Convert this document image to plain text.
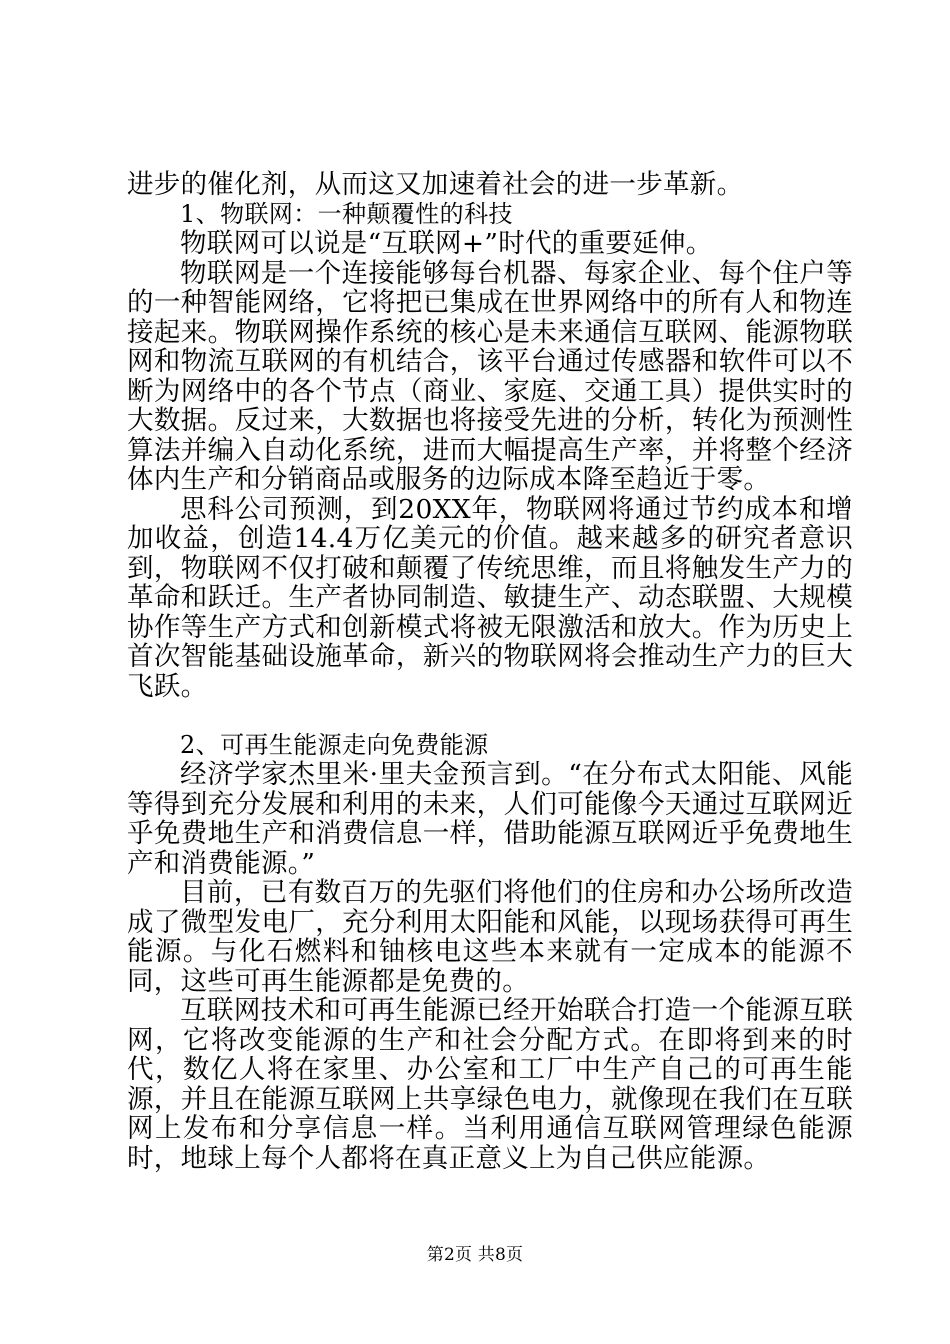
进步的催化剂，从而这又加速着社会的进一步革新。

1、物联网：一种颠覆性的科技

物联网可以说是“互联网+”时代的重要延伸。

物联网是一个连接能够每台机器、每家企业、每个住户等的一种智能网络，它将把已集成在世界网络中的所有人和物连接起来。物联网操作系统的核心是未来通信互联网、能源物联网和物流互联网的有机结合，该平台通过传感器和软件可以不断为网络中的各个节点（商业、家庭、交通工具）提供实时的大数据。反过来，大数据也将接受先进的分析，转化为预测性算法并编入自动化系统，进而大幅提高生产率，并将整个经济体内生产和分销商品或服务的边际成本降至趋近于零。

思科公司预测，到20XX年，物联网将通过节约成本和增加收益，创造14.4万亿美元的价值。越来越多的研究者意识到，物联网不仅打破和颠覆了传统思维，而且将触发生产力的革命和跃迁。生产者协同制造、敏捷生产、动态联盟、大规模协作等生产方式和创新模式将被无限激活和放大。作为历史上首次智能基础设施革命，新兴的物联网将会推动生产力的巨大飞跃。

2、可再生能源走向免费能源

经济学家杰里米·里夫金预言到。“在分布式太阳能、风能等得到充分发展和利用的未来，人们可能像今天通过互联网近乎免费地生产和消费信息一样，借助能源互联网近乎免费地生产和消费能源。”

目前，已有数百万的先驱们将他们的住房和办公场所改造成了微型发电厂，充分利用太阳能和风能，以现场获得可再生能源。与化石燃料和铀核电这些本来就有一定成本的能源不同，这些可再生能源都是免费的。

互联网技术和可再生能源已经开始联合打造一个能源互联网，它将改变能源的生产和社会分配方式。在即将到来的时代，数亿人将在家里、办公室和工厂中生产自己的可再生能源，并且在能源互联网上共享绿色电力，就像现在我们在互联网上发布和分享信息一样。当利用通信互联网管理绿色能源时，地球上每个人都将在真正意义上为自己供应能源。

第2页 共8页
